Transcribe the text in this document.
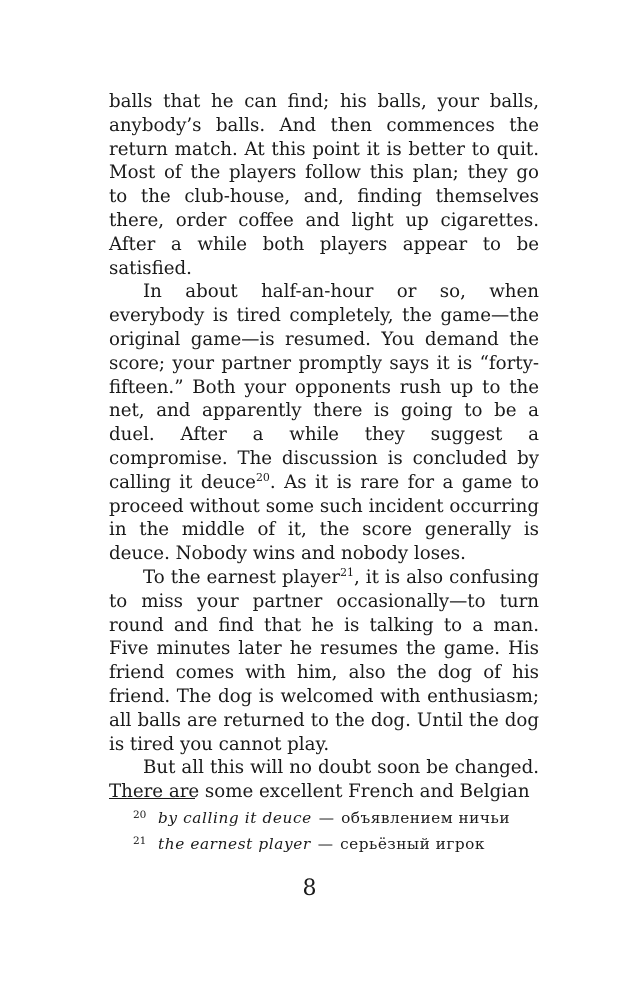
balls that he can find; his balls, your balls, anybody’s balls. And then commences the return match. At this point it is better to quit. Most of the players follow this plan; they go to the club-house, and, finding themselves there, order coffee and light up cigarettes. After a while both players appear to be satisfied.

In about half-an-hour or so, when everybody is tired completely, the game—the original game—is resumed. You demand the score; your partner promptly says it is “forty-fifteen.” Both your opponents rush up to the net, and apparently there is going to be a duel. After a while they suggest a compromise. The discussion is concluded by calling it deuce$^{20}$. As it is rare for a game to proceed without some such incident occurring in the middle of it, the score generally is deuce. Nobody wins and nobody loses.

To the earnest player$^{21}$, it is also confusing to miss your partner occasionally—to turn round and find that he is talking to a man. Five minutes later he resumes the game. His friend comes with him, also the dog of his friend. The dog is welcomed with enthusiasm; all balls are returned to the dog. Until the dog is tired you cannot play.

But all this will no doubt soon be changed. There are some excellent French and Belgian

20 by calling it deuce — объявлением ничьи

21 the earnest player — серьёзный игрок

8
